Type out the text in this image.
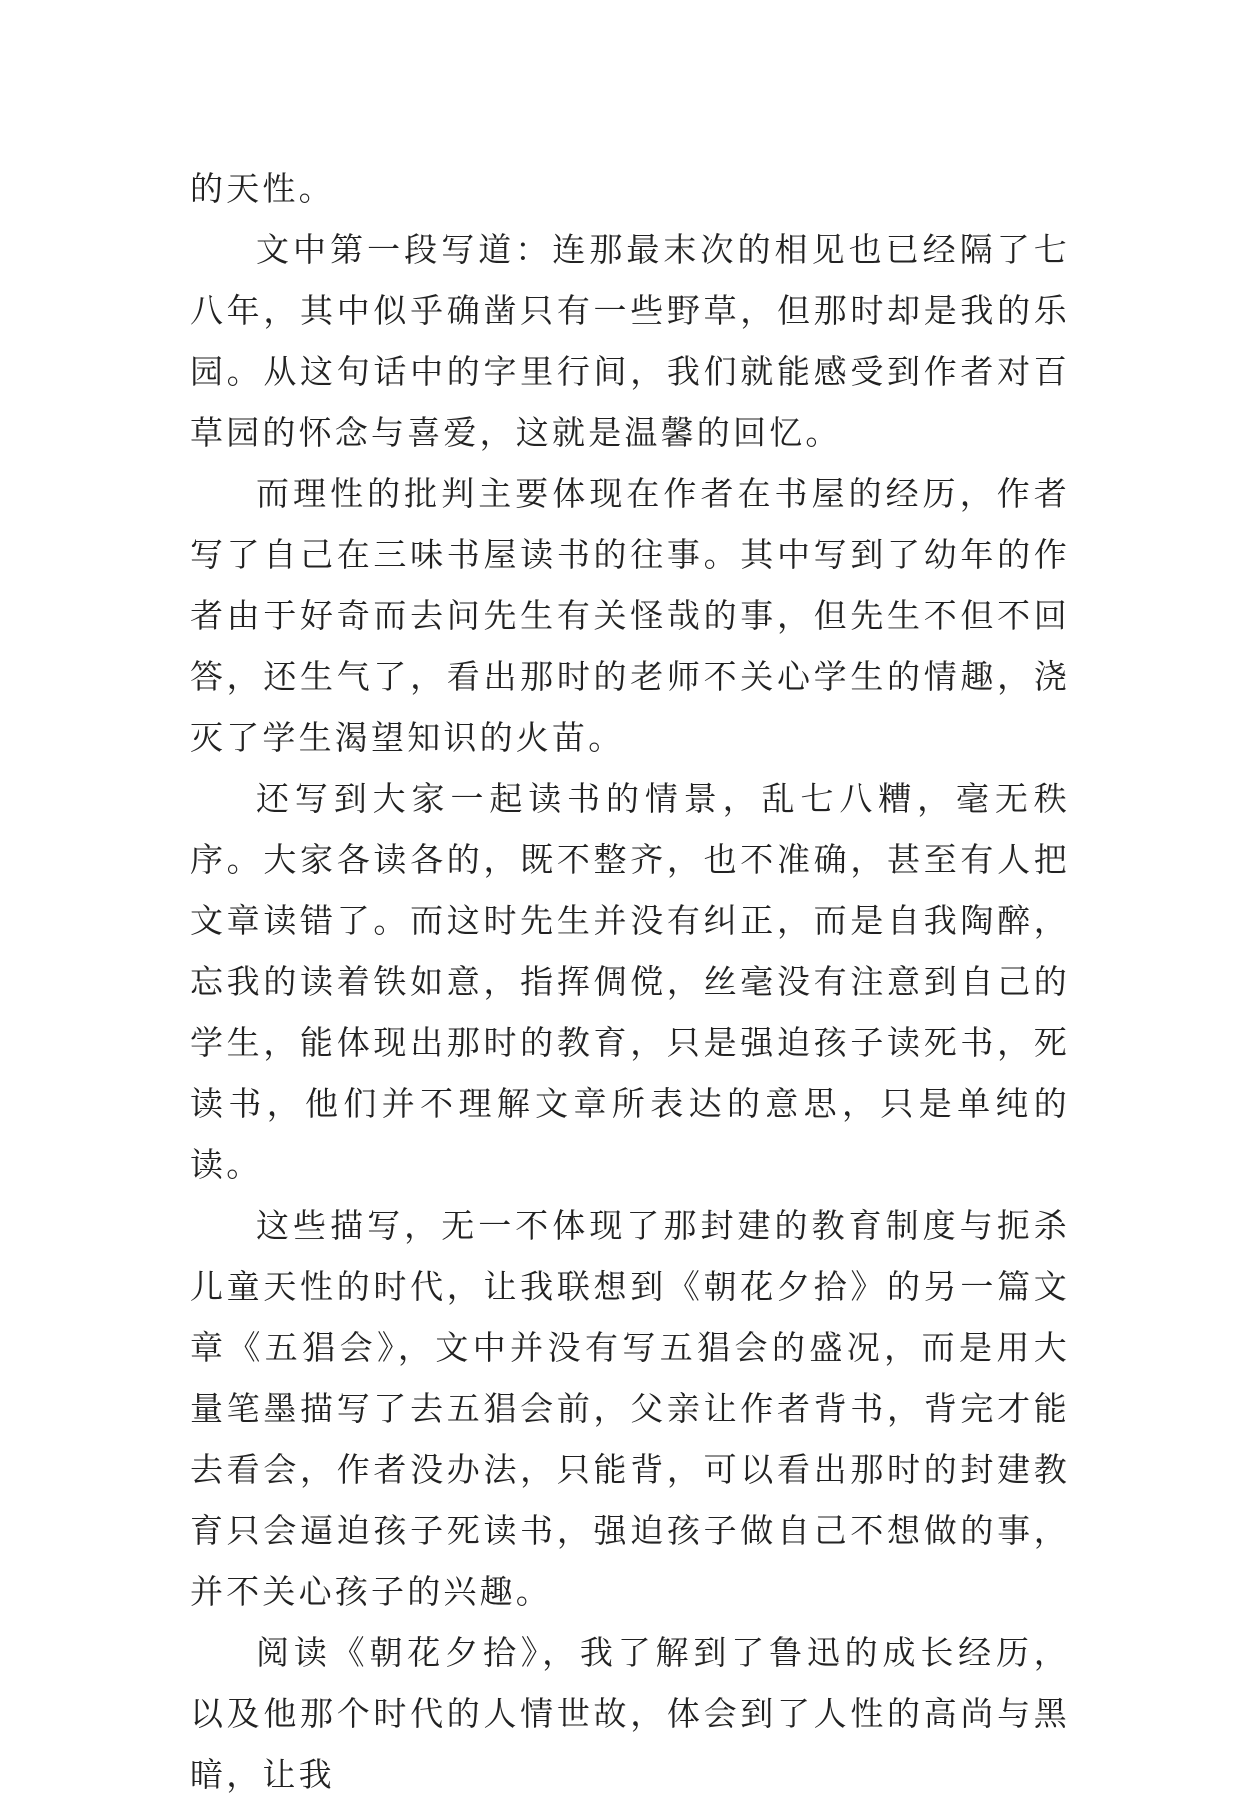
的天性。

文中第一段写道：连那最末次的相见也已经隔了七八年，其中似乎确凿只有一些野草，但那时却是我的乐园。从这句话中的字里行间，我们就能感受到作者对百草园的怀念与喜爱，这就是温馨的回忆。

而理性的批判主要体现在作者在书屋的经历，作者写了自己在三味书屋读书的往事。其中写到了幼年的作者由于好奇而去问先生有关怪哉的事，但先生不但不回答，还生气了，看出那时的老师不关心学生的情趣，浇灭了学生渴望知识的火苗。

还写到大家一起读书的情景，乱七八糟，毫无秩序。大家各读各的，既不整齐，也不准确，甚至有人把文章读错了。而这时先生并没有纠正，而是自我陶醉，忘我的读着铁如意，指挥倜傥，丝毫没有注意到自己的学生，能体现出那时的教育，只是强迫孩子读死书，死读书，他们并不理解文章所表达的意思，只是单纯的读。

这些描写，无一不体现了那封建的教育制度与扼杀儿童天性的时代，让我联想到《朝花夕拾》的另一篇文章《五猖会》，文中并没有写五猖会的盛况，而是用大量笔墨描写了去五猖会前，父亲让作者背书，背完才能去看会，作者没办法，只能背，可以看出那时的封建教育只会逼迫孩子死读书，强迫孩子做自己不想做的事，并不关心孩子的兴趣。

阅读《朝花夕拾》，我了解到了鲁迅的成长经历，以及他那个时代的人情世故，体会到了人性的高尚与黑暗，让我
